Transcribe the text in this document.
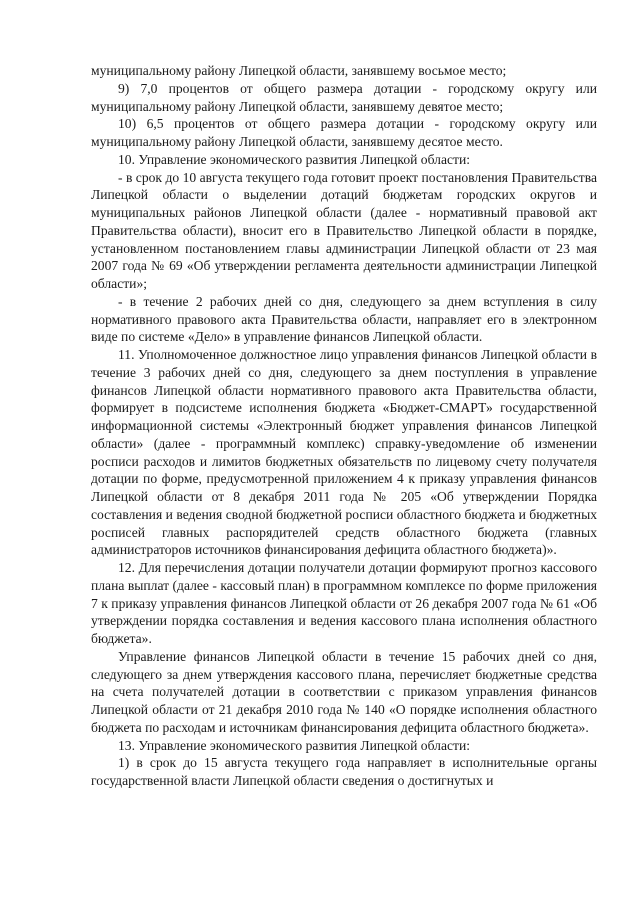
муниципальному району Липецкой области, занявшему восьмое место;

9) 7,0 процентов от общего размера дотации - городскому округу или муниципальному району Липецкой области, занявшему девятое место;

10) 6,5 процентов от общего размера дотации - городскому округу или муниципальному району Липецкой области, занявшему десятое место.

10. Управление экономического развития Липецкой области:

- в срок до 10 августа текущего года готовит проект постановления Правительства Липецкой области о выделении дотаций бюджетам городских округов и муниципальных районов Липецкой области (далее - нормативный правовой акт Правительства области), вносит его в Правительство Липецкой области в порядке, установленном постановлением главы администрации Липецкой области от 23 мая 2007 года № 69 «Об утверждении регламента деятельности администрации Липецкой области»;

- в течение 2 рабочих дней со дня, следующего за днем вступления в силу нормативного правового акта Правительства области, направляет его в электронном виде по системе «Дело» в управление финансов Липецкой области.

11. Уполномоченное должностное лицо управления финансов Липецкой области в течение 3 рабочих дней со дня, следующего за днем поступления в управление финансов Липецкой области нормативного правового акта Правительства области, формирует в подсистеме исполнения бюджета «Бюджет-СМАРТ» государственной информационной системы «Электронный бюджет управления финансов Липецкой области» (далее - программный комплекс) справку-уведомление об изменении росписи расходов и лимитов бюджетных обязательств по лицевому счету получателя дотации по форме, предусмотренной приложением 4 к приказу управления финансов Липецкой области от 8 декабря 2011 года № 205 «Об утверждении Порядка составления и ведения сводной бюджетной росписи областного бюджета и бюджетных росписей главных распорядителей средств областного бюджета (главных администраторов источников финансирования дефицита областного бюджета)».

12. Для перечисления дотации получатели дотации формируют прогноз кассового плана выплат (далее - кассовый план) в программном комплексе по форме приложения 7 к приказу управления финансов Липецкой области от 26 декабря 2007 года № 61 «Об утверждении порядка составления и ведения кассового плана исполнения областного бюджета».

Управление финансов Липецкой области в течение 15 рабочих дней со дня, следующего за днем утверждения кассового плана, перечисляет бюджетные средства на счета получателей дотации в соответствии с приказом управления финансов Липецкой области от 21 декабря 2010 года № 140 «О порядке исполнения областного бюджета по расходам и источникам финансирования дефицита областного бюджета».

13. Управление экономического развития Липецкой области:

1) в срок до 15 августа текущего года направляет в исполнительные органы государственной власти Липецкой области сведения о достигнутых и
